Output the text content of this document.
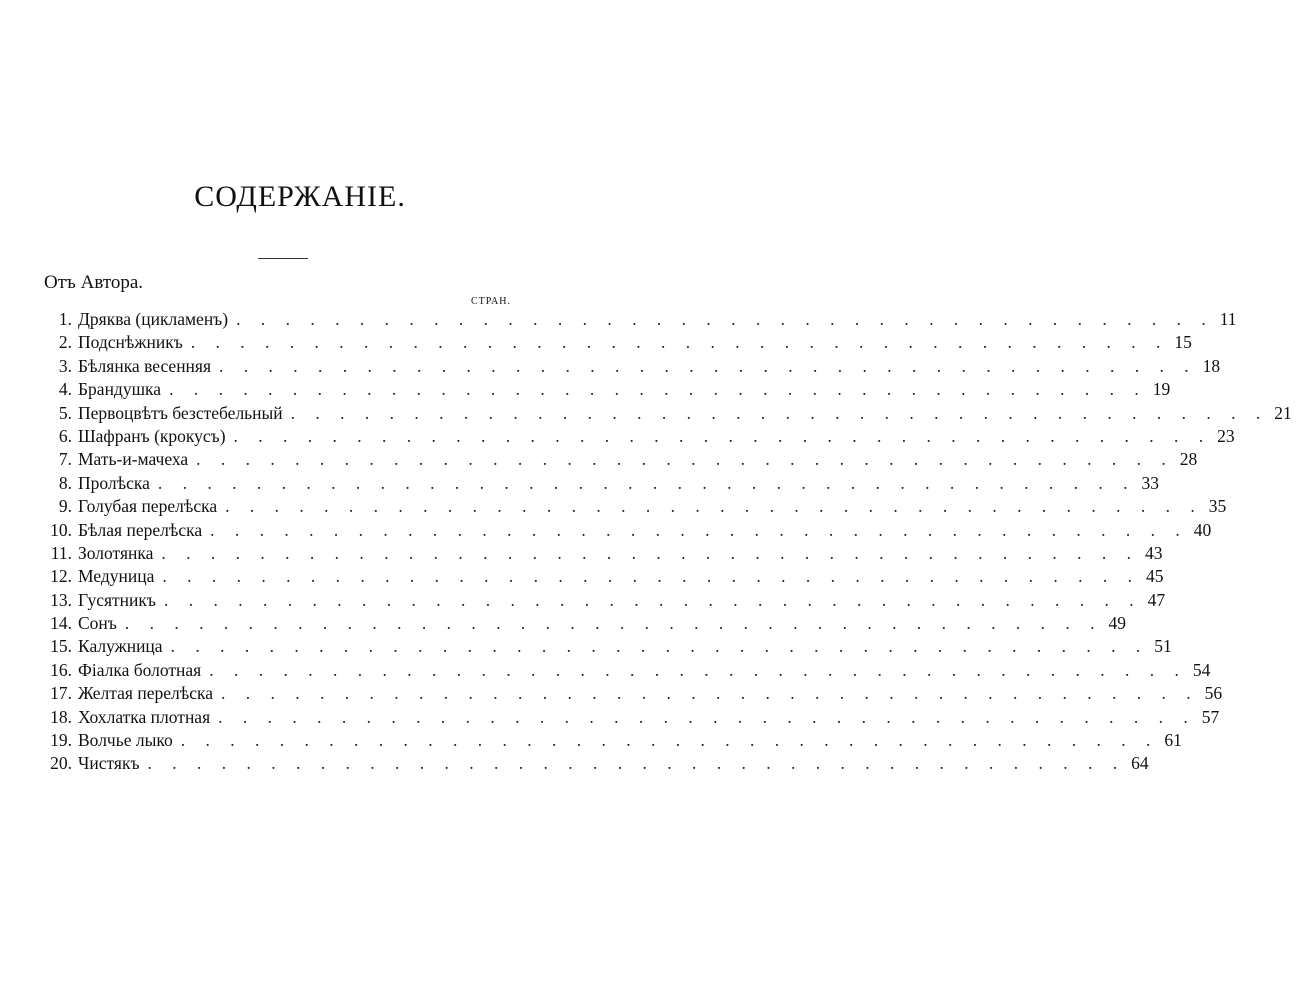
СОДЕРЖАНIЕ.
Отъ Автора.
СТРАН.
1. Дряква (цикламенъ) . . . . . . . . . . . . . . . . . . . . . . . . . . . . . . . . . . . . . . . . 11
2. Подснѣжникъ . . . . . . . . . . . . . . . . . . . . . . . . . . . . . . . . . . . . . . . . 15
3. Бѣлянка весенняя . . . . . . . . . . . . . . . . . . . . . . . . . . . . . . . . . . . . . . . . 18
4. Брандушка . . . . . . . . . . . . . . . . . . . . . . . . . . . . . . . . . . . . . . . . 19
5. Первоцвѣтъ безстебельный . . . . . . . . . . . . . . . . . . . . . . . . . . . . . . . . . . . . . . . . 21
6. Шафранъ (крокусъ) . . . . . . . . . . . . . . . . . . . . . . . . . . . . . . . . . . . . . . . . 23
7. Мать-и-мачеха . . . . . . . . . . . . . . . . . . . . . . . . . . . . . . . . . . . . . . . . 28
8. Пролѣска . . . . . . . . . . . . . . . . . . . . . . . . . . . . . . . . . . . . . . . . 33
9. Голубая перелѣска . . . . . . . . . . . . . . . . . . . . . . . . . . . . . . . . . . . . . . . . 35
10. Бѣлая перелѣска . . . . . . . . . . . . . . . . . . . . . . . . . . . . . . . . . . . . . . . . 40
11. Золотянка . . . . . . . . . . . . . . . . . . . . . . . . . . . . . . . . . . . . . . . . 43
12. Медуница . . . . . . . . . . . . . . . . . . . . . . . . . . . . . . . . . . . . . . . . 45
13. Гусятникъ . . . . . . . . . . . . . . . . . . . . . . . . . . . . . . . . . . . . . . . . 47
14. Сонъ . . . . . . . . . . . . . . . . . . . . . . . . . . . . . . . . . . . . . . . . 49
15. Калужница . . . . . . . . . . . . . . . . . . . . . . . . . . . . . . . . . . . . . . . . 51
16. Фiалка болотная . . . . . . . . . . . . . . . . . . . . . . . . . . . . . . . . . . . . . . . . 54
17. Желтая перелѣска . . . . . . . . . . . . . . . . . . . . . . . . . . . . . . . . . . . . . . . . 56
18. Хохлатка плотная . . . . . . . . . . . . . . . . . . . . . . . . . . . . . . . . . . . . . . . . 57
19. Волчье лыко . . . . . . . . . . . . . . . . . . . . . . . . . . . . . . . . . . . . . . . . 61
20. Чистякъ . . . . . . . . . . . . . . . . . . . . . . . . . . . . . . . . . . . . . . . . 64
